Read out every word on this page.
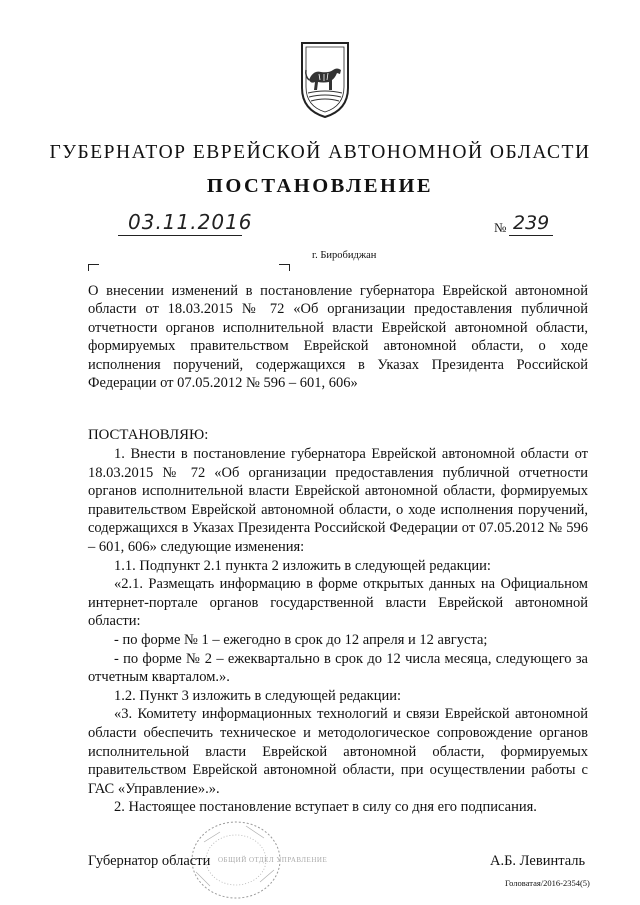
ГУБЕРНАТОР ЕВРЕЙСКОЙ АВТОНОМНОЙ ОБЛАСТИ
ПОСТАНОВЛЕНИЕ
03.11.2016	№ 239
г. Биробиджан
О внесении изменений в постановление губернатора Еврейской автономной области от 18.03.2015 № 72 «Об организации предоставления публичной отчетности органов исполнительной власти Еврейской автономной области, формируемых правительством Еврейской автономной области, о ходе исполнения поручений, содержащихся в Указах Президента Российской Федерации от 07.05.2012 № 596 – 601, 606»
ПОСТАНОВЛЯЮ:

1. Внести в постановление губернатора Еврейской автономной области от 18.03.2015 № 72 «Об организации предоставления публичной отчетности органов исполнительной власти Еврейской автономной области, формируемых правительством Еврейской автономной области, о ходе исполнения поручений, содержащихся в Указах Президента Российской Федерации от 07.05.2012 № 596 – 601, 606» следующие изменения:

1.1. Подпункт 2.1 пункта 2 изложить в следующей редакции:

«2.1. Размещать информацию в форме открытых данных на Официальном интернет-портале органов государственной власти Еврейской автономной области:

- по форме № 1 – ежегодно в срок до 12 апреля и 12 августа;

- по форме № 2 – ежеквартально в срок до 12 числа месяца, следующего за отчетным кварталом.».

1.2. Пункт 3 изложить в следующей редакции:

«3. Комитету информационных технологий и связи Еврейской автономной области обеспечить техническое и методологическое сопровождение органов исполнительной власти Еврейской автономной области, формируемых правительством Еврейской автономной области, при осуществлении работы с ГАС «Управление».».

2. Настоящее постановление вступает в силу со дня его подписания.

ОБЩИЙ ОТДЕЛ УПРАВЛЕНИЕ
Губернатор области	А.Б. Левинталь
Головатая/2016-2354(5)
